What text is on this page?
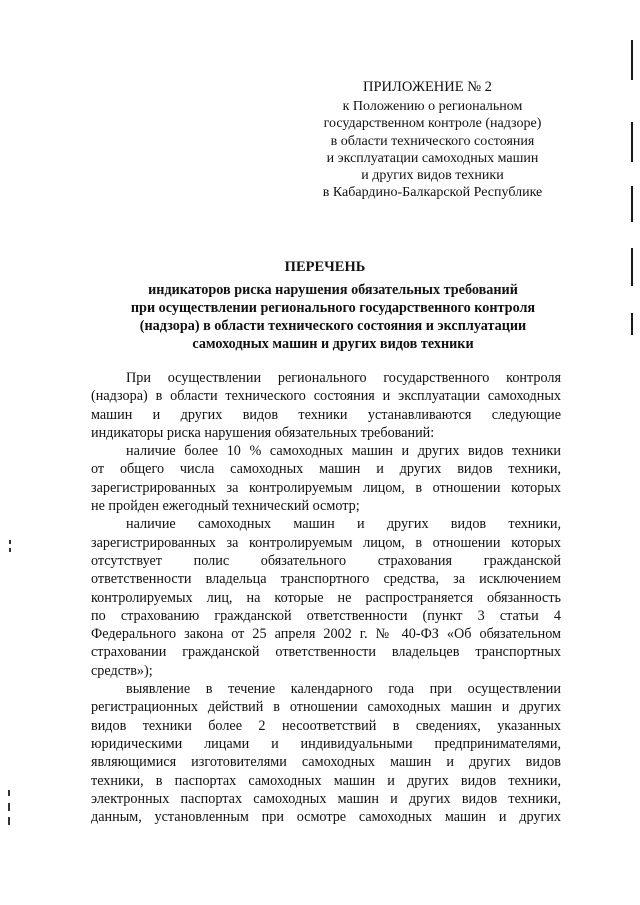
ПРИЛОЖЕНИЕ № 2
к Положению о региональном
государственном контроле (надзоре)
в области технического состояния
и эксплуатации самоходных машин
и других видов техники
в Кабардино-Балкарской Республике
ПЕРЕЧЕНЬ
индикаторов риска нарушения обязательных требований
при осуществлении регионального государственного контроля
(надзора) в области технического состояния и эксплуатации
самоходных машин и других видов техники
При осуществлении регионального государственного контроля
(надзора) в области технического состояния и эксплуатации самоходных
машин и других видов техники устанавливаются следующие
индикаторы риска нарушения обязательных требований:
наличие более 10 % самоходных машин и других видов техники
от общего числа самоходных машин и других видов техники,
зарегистрированных за контролируемым лицом, в отношении которых
не пройден ежегодный технический осмотр;
наличие самоходных машин и других видов техники,
зарегистрированных за контролируемым лицом, в отношении которых
отсутствует полис обязательного страхования гражданской
ответственности владельца транспортного средства, за исключением
контролируемых лиц, на которые не распространяется обязанность
по страхованию гражданской ответственности (пункт 3 статьи 4
Федерального закона от 25 апреля 2002 г. № 40-ФЗ «Об обязательном
страховании гражданской ответственности владельцев транспортных
средств»);
выявление в течение календарного года при осуществлении
регистрационных действий в отношении самоходных машин и других
видов техники более 2 несоответствий в сведениях, указанных
юридическими лицами и индивидуальными предпринимателями,
являющимися изготовителями самоходных машин и других видов
техники, в паспортах самоходных машин и других видов техники,
электронных паспортах самоходных машин и других видов техники,
данным, установленным при осмотре самоходных машин и других
